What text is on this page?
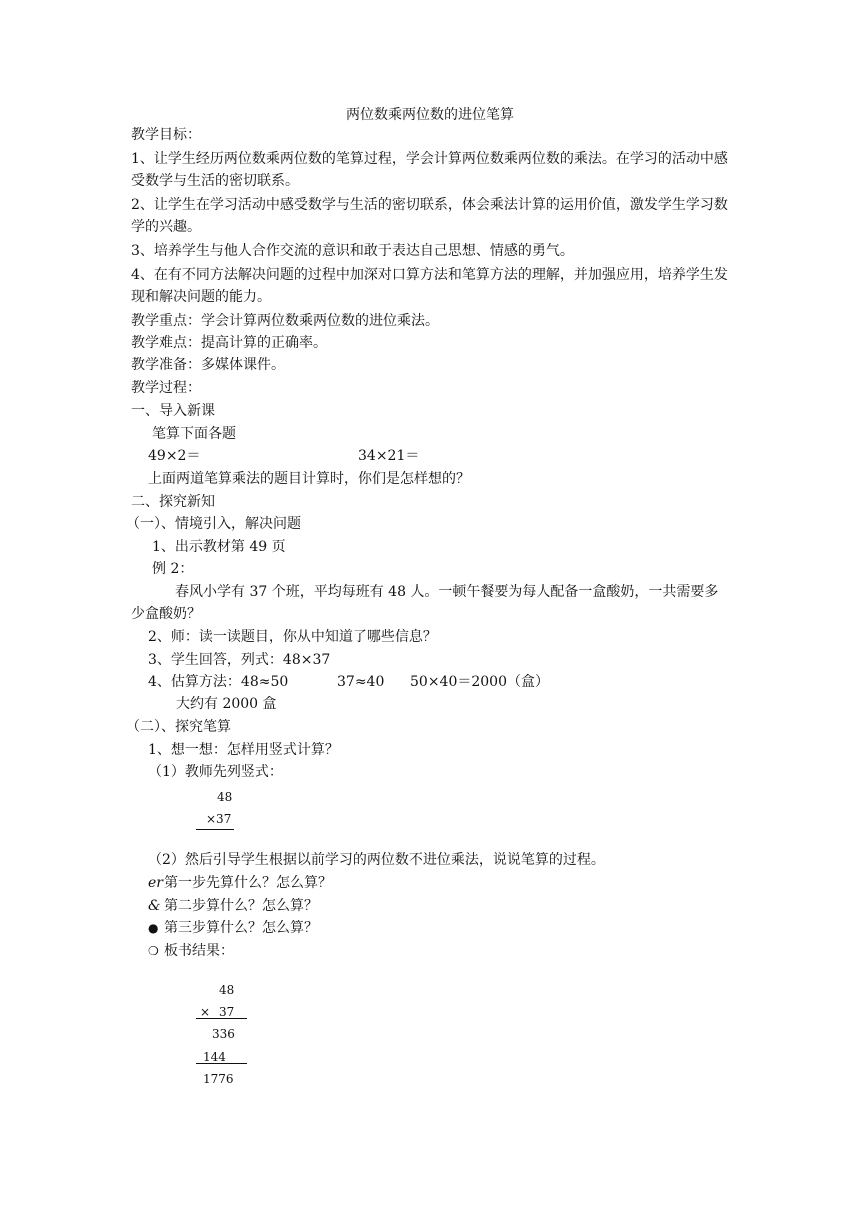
两位数乘两位数的进位笔算
教学目标：
1、让学生经历两位数乘两位数的笔算过程，学会计算两位数乘两位数的乘法。在学习的活动中感受数学与生活的密切联系。
2、让学生在学习活动中感受数学与生活的密切联系，体会乘法计算的运用价值，激发学生学习数学的兴趣。
3、培养学生与他人合作交流的意识和敢于表达自己思想、情感的勇气。
4、在有不同方法解决问题的过程中加深对口算方法和笔算方法的理解，并加强应用，培养学生发现和解决问题的能力。
教学重点：学会计算两位数乘两位数的进位乘法。
教学难点：提高计算的正确率。
教学准备：多媒体课件。
教学过程：
一、导入新课
笔算下面各题
49×2＝	34×21＝
上面两道笔算乘法的题目计算时，你们是怎样想的？
二、探究新知
（一）、情境引入，解决问题
1、出示教材第 49 页
例 2：
春风小学有 37 个班，平均每班有 48 人。一顿午餐要为每人配备一盒酸奶，一共需要多少盒酸奶？
2、师：读一读题目，你从中知道了哪些信息？
3、学生回答，列式：48×37
4、估算方法：48≈50	37≈40 50×40＝2000（盒）
大约有 2000 盒
（二）、探究笔算
1、想一想：怎样用竖式计算？
（1）教师先列竖式：
48
×37
（2）然后引导学生根据以前学习的两位数不进位乘法，说说笔算的过程。
er第一步先算什么？怎么算？
& 第二步算什么？怎么算？
● 第三步算什么？怎么算？
❍ 板书结果：
48
× 37
336
144
1776
